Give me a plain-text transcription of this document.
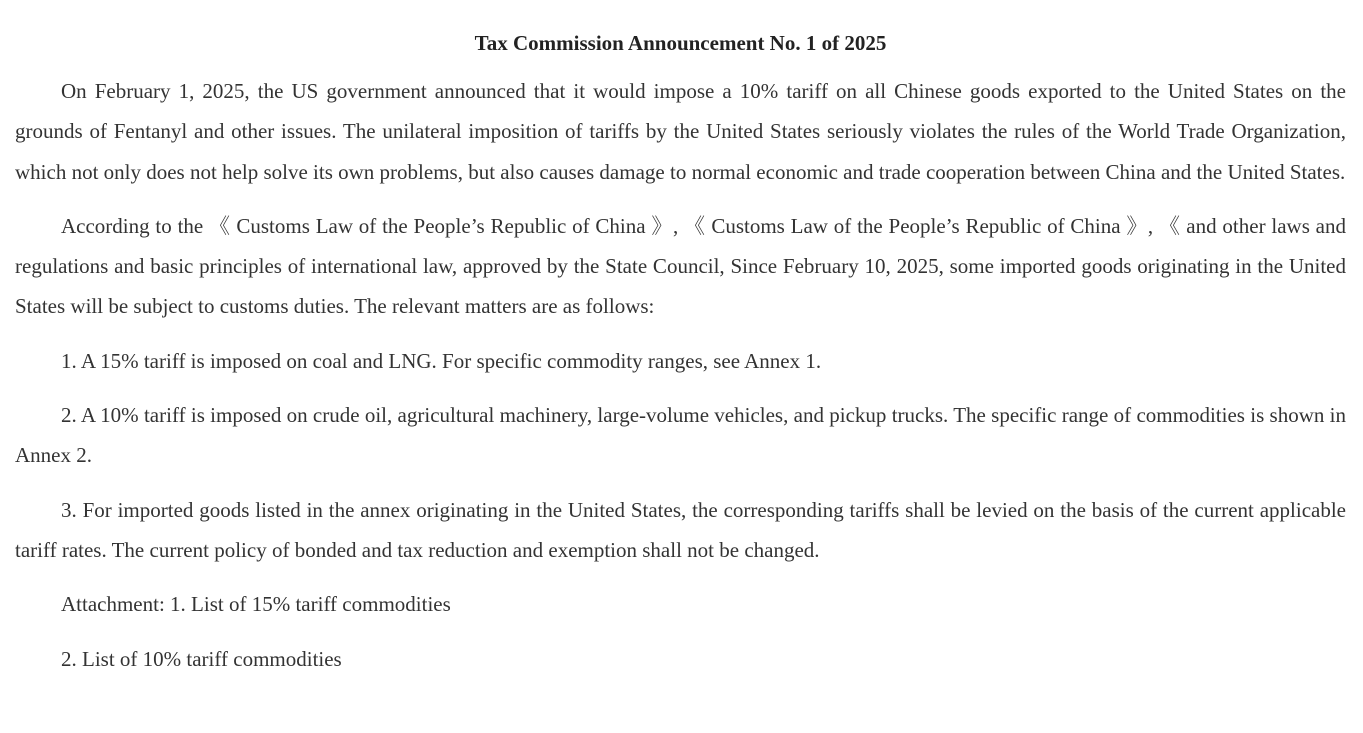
Tax Commission Announcement No. 1 of 2025

On February 1, 2025, the US government announced that it would impose a 10% tariff on all Chinese goods exported to the United States on the grounds of Fentanyl and other issues. The unilateral imposition of tariffs by the United States seriously violates the rules of the World Trade Organization, which not only does not help solve its own problems, but also causes damage to normal economic and trade cooperation between China and the United States.

According to the 《 Customs Law of the People’s Republic of China 》, 《 Customs Law of the People’s Republic of China 》, 《 and other laws and regulations and basic principles of international law, approved by the State Council, Since February 10, 2025, some imported goods originating in the United States will be subject to customs duties. The relevant matters are as follows:

1. A 15% tariff is imposed on coal and LNG. For specific commodity ranges, see Annex 1.

2. A 10% tariff is imposed on crude oil, agricultural machinery, large-volume vehicles, and pickup trucks. The specific range of commodities is shown in Annex 2.

3. For imported goods listed in the annex originating in the United States, the corresponding tariffs shall be levied on the basis of the current applicable tariff rates. The current policy of bonded and tax reduction and exemption shall not be changed.

Attachment: 1. List of 15% tariff commodities

2. List of 10% tariff commodities
